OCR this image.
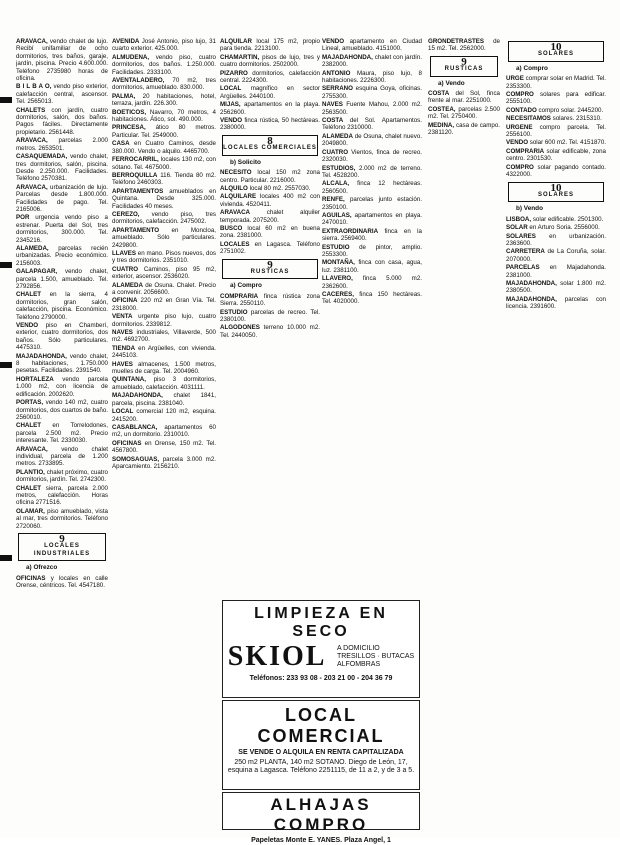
ARAVACA, vendo chalet de lujo. Recibí unifamiliar de ocho dormitorios, tres baños, garaje, jardín, piscina. Precio 4.600.000. Teléfono 2735980 horas de oficina.
B I L B A O, vendo piso exterior, calefacción central, ascensor. Tel. 2565013.
CHALETS con jardín, cuatro dormitorios, salón, dos baños. Pagos fáciles. Directamente propietario. 2561448.
ARAVACA, parcelas 2.000 metros. 2653501.
CASAQUEMADA, vendo chalet, tres dormitorios, salón, piscina. Desde 2.250.000. Facilidades. Teléfono 2570381.
ARAVACA, urbanización de lujo. Parcelas desde 1.800.000. Facilidades de pago. Tel. 2165006.
POR urgencia vendo piso a estrenar. Puerta del Sol, tres dormitorios, 300.000. Tel. 2345216.
ALAMEDA, parcelas recién urbanizadas. Precio económico. 2156003.
GALAPAGAR, vendo chalet, parcela 1.500, amueblado. Tel. 2792856.
CHALET en la sierra, 4 dormitorios, gran salón, calefacción, piscina. Económico. Teléfono 2790000.
VENDO piso en Chamberí, exterior, cuatro dormitorios, dos baños. Sólo particulares. 4475310.
MAJADAHONDA, vendo chalet, 8 habitaciones, 1.750.000 pesetas. Facilidades. 2391540.
HORTALEZA vendo parcela 1.000 m2, con licencia de edificación. 2002620.
PORTAS, vendo 140 m2, cuatro dormitorios, dos cuartos de baño. 2560010.
CHALET en Torrelodones, parcela 2.500 m2. Precio interesante. Tel. 2330030.
ARAVACA, vendo chalet individual, parcela de 1.200 metros. 2733895.
PLANTIO, chalet próximo, cuatro dormitorios, jardín. Tel. 2742300.
CHALET sierra, parcela 2.000 metros, calefacción. Horas oficina 2771516.
OLAMAR, piso amueblado, vista al mar, tres dormitorios. Teléfono 2720060.
9
LOCALES INDUSTRIALES
a) Ofrezco
OFICINAS y locales en calle Orense, céntricos. Tel. 4547180.
AVENIDA José Antonio, piso lujo, 31 cuarto exterior. 425.000.
ALMUDENA, vendo piso, cuatro dormitorios, dos baños. 1.250.000. Facilidades. 2333100.
AVENTALADERO, 70 m2, tres dormitorios, amueblado. 830.000.
PALMA, 20 habitaciones, hotel, terraza, jardín. 226.300.
BOETICOS, Navarro, 70 metros, 4 habitaciones. Ático, sol. 490.000.
PRINCESA, ático 80 metros. Particular. Tel. 2549000.
CASA en Cuatro Caminos, desde 380.000. Vendo o alquilo. 4465700.
FERROCARRIL, locales 130 m2, con sótano. Tel. 4675000.
BERROQUILLA 116. Tienda 80 m2. Teléfono 2460303.
APARTAMENTOS amueblados en Quintana. Desde 325.000. Facilidades 40 meses.
CEREZO, vendo piso, tres dormitorios, calefacción. 2475002.
APARTAMENTO en Moncloa, amueblado. Sólo particulares. 2429800.
LLAVES en mano. Pisos nuevos, dos y tres dormitorios. 2351010.
CUATRO Caminos, piso 95 m2, exterior, ascensor. 2536020.
ALAMEDA de Osuna. Chalet. Precio a convenir. 2056600.
OFICINA 220 m2 en Gran Vía. Tel. 2318000.
VENTA urgente piso lujo, cuatro dormitorios. 2339812.
NAVES industriales, Villaverde, 500 m2. 4692700.
TIENDA en Argüelles, con vivienda. 2445103.
HAVES almacenes, 1.500 metros, muelles de carga. Tel. 2004960.
QUINTANA, piso 3 dormitorios, amueblado, calefacción. 4031111.
MAJADAHONDA, chalet 1841, parcela, piscina. 2381040.
LOCAL comercial 120 m2, esquina. 2415200.
CASABLANCA, apartamentos 60 m2, un dormitorio. 2310010.
OFICINAS en Orense, 150 m2. Tel. 4567800.
SOMOSAGUAS, parcela 3.000 m2. Aparcamiento. 2156210.
ALQUILAR local 175 m2, propio para tienda. 2213100.
CHAMARTIN, pisos de lujo, tres y cuatro dormitorios. 2502000.
PIZARRO dormitorios, calefacción central. 2224300.
LOCAL magnífico en sector Argüelles. 2440100.
MIJAS, apartamentos en la playa. 2562600.
VENDO finca rústica, 50 hectáreas. 2380000.
8
LOCALES COMERCIALES
b) Solicito
NECESITO local 150 m2 zona centro. Particular. 2216000.
ALQUILO local 80 m2. 2557030.
ALQUILARE locales 400 m2 con vivienda. 4520411.
ARAVACA chalet alquiler temporada. 2075200.
BUSCO local 60 m2 en buena zona. 2381000.
LOCALES en Lagasca. Teléfono 2751002.
9
RUSTICAS
a) Compro
COMPRARIA finca rústica zona Sierra. 2550110.
ESTUDIO parcelas de recreo. Tel. 2380100.
ALGODONES terreno 10.000 m2. Tel. 2440050.
VENDO apartamento en Ciudad Lineal, amueblado. 4151000.
MAJADAHONDA, chalet con jardín. 2382000.
ANTONIO Maura, piso lujo, 8 habitaciones. 2226300.
SERRANO esquina Goya, oficinas. 2755300.
NAVES Fuente Mahou, 2.000 m2. 2563500.
COSTA del Sol. Apartamentos. Teléfono 2310000.
ALAMEDA de Osuna, chalet nuevo. 2049800.
CUATRO Vientos, finca de recreo. 2320030.
ESTUDIOS, 2.000 m2 de terreno. Tel. 4528200.
ALCALA, finca 12 hectáreas. 2560500.
RENFE, parcelas junto estación. 2350100.
AGUILAS, apartamentos en playa. 2470010.
EXTRAORDINARIA finca en la sierra. 2569400.
ESTUDIO de pintor, amplio. 2553300.
MONTAÑA, finca con casa, agua, luz. 2381100.
LLAVERO, finca 5.000 m2. 2362600.
CACERES, finca 150 hectáreas. Tel. 4020000.
GRONDETRASTES de 15 m2. Tel. 2562000.
9
RUSTICAS
a) Vendo
COSTA del Sol, finca frente al mar. 2251000.
COSTEA, parcelas 2.500 m2. Tel. 2750400.
MEDINA, casa de campo. 2381120.
10
SOLARES
a) Compro
URGE comprar solar en Madrid. Tel. 2353300.
COMPRO solares para edificar. 2555100.
CONTADO compro solar. 2445200.
NECESITAMOS solares. 2315310.
URGENE compro parcela. Tel. 2556100.
VENDO solar 600 m2. Tel. 4151870.
COMPRARIA solar edificable, zona centro. 2301530.
COMPRO solar pagando contado. 4322000.
10
SOLARES
b) Vendo
LISBOA, solar edificable. 2501300.
SOLAR en Arturo Soria. 2556000.
SOLARES en urbanización. 2363600.
CARRETERA de La Coruña, solar. 2070000.
PARCELAS en Majadahonda. 2381000.
MAJADAHONDA, solar 1.800 m2. 2380500.
MAJADAHONDA, parcelas con licencia. 2391600.
LIMPIEZA EN SECO
SKIOL A DOMICILIO
TRESILLOS · BUTACAS
ALFOMBRAS
Teléfonos: 233 93 08 - 203 21 00 - 204 36 79
LOCAL COMERCIAL
SE VENDE O ALQUILA EN RENTA CAPITALIZADA
250 m2 PLANTA, 140 m2 SOTANO. Diego de León, 17, esquina a Lagasca. Teléfono 2251115, de 11 a 2, y de 3 a 5.
ALHAJAS COMPRO
Papeletas Monte E. YANES. Plaza Angel, 1
